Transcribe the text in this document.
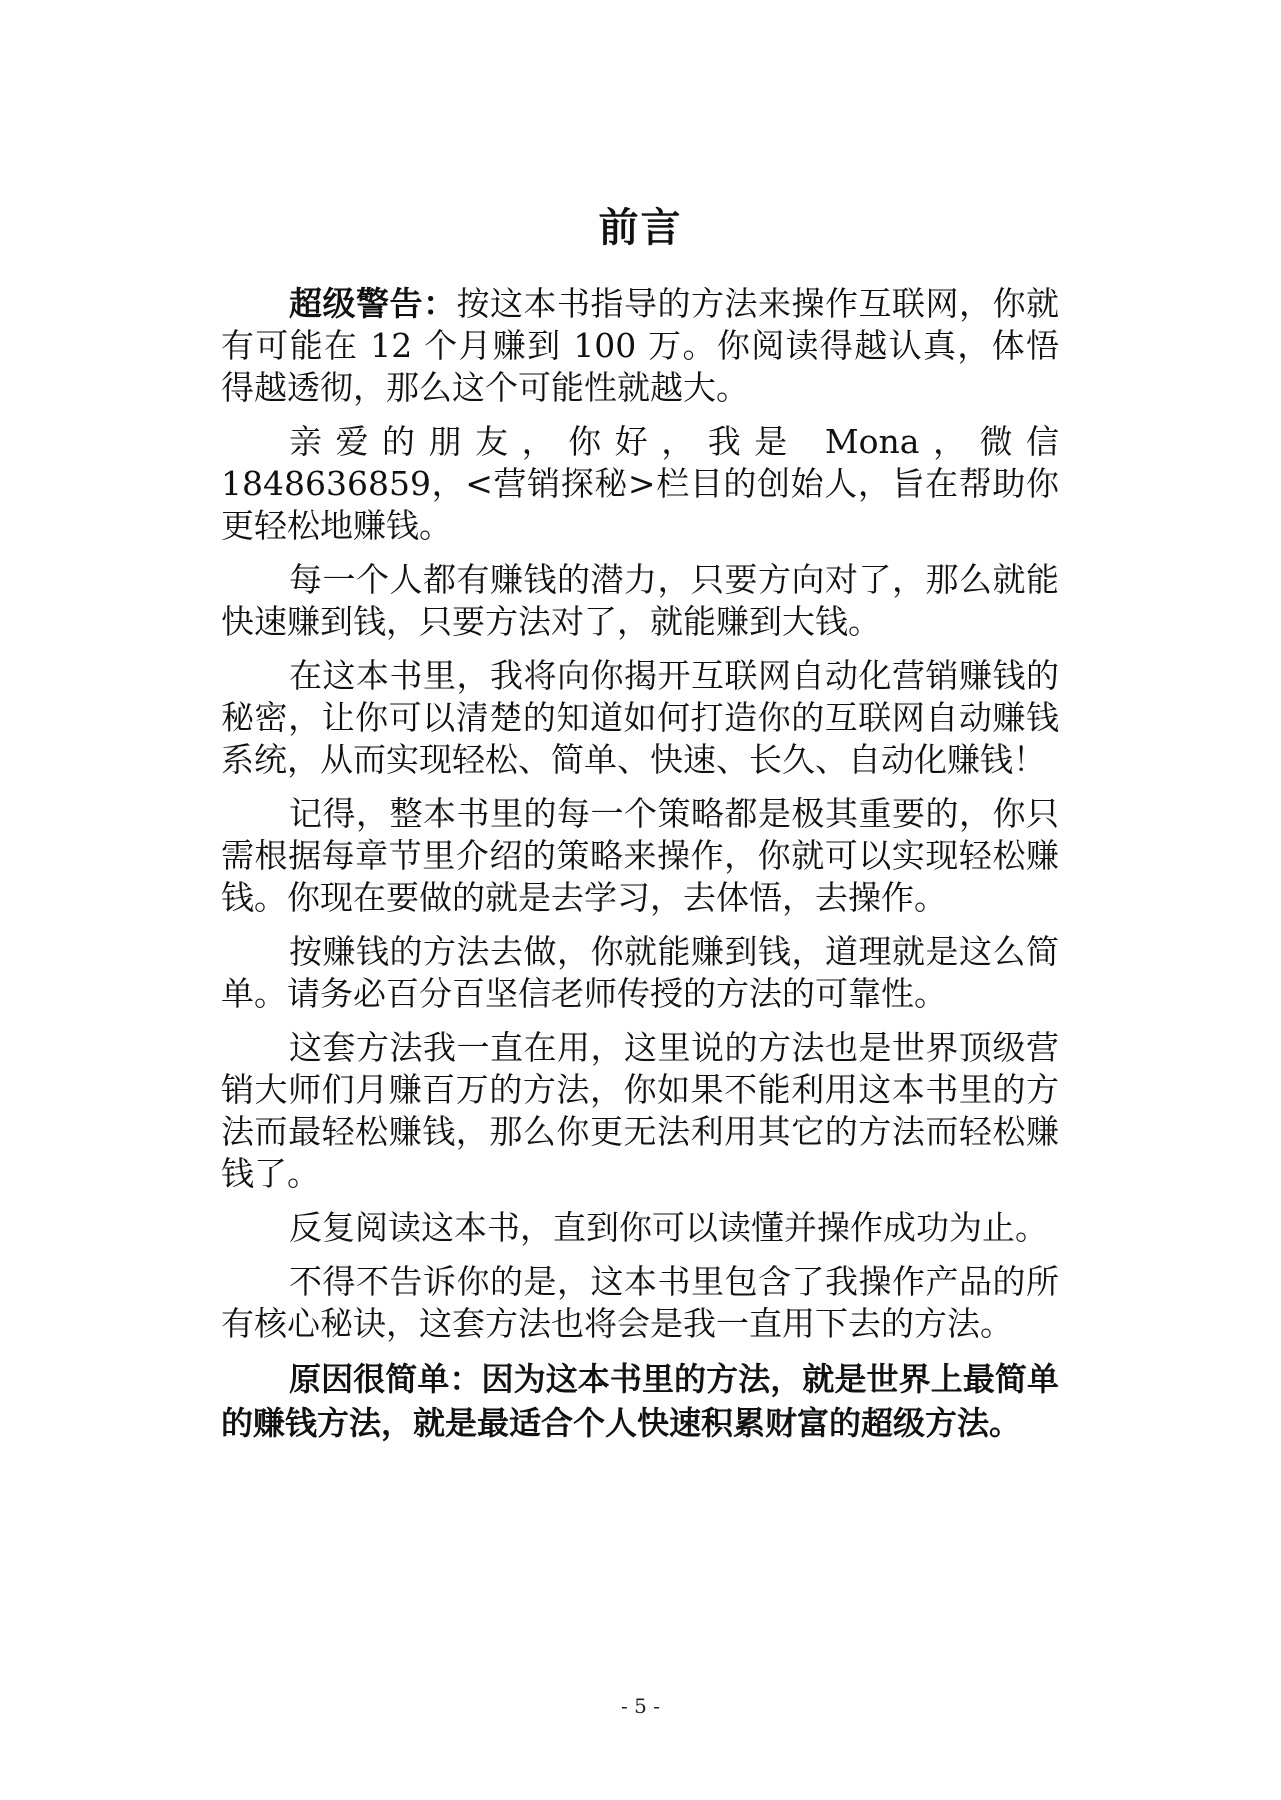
前言

超级警告：按这本书指导的方法来操作互联网，你就有可能在 12 个月赚到 100 万。你阅读得越认真，体悟得越透彻，那么这个可能性就越大。

亲爱的朋友，你好，我是 Mona，微信 1848636859，<营销探秘>栏目的创始人，旨在帮助你更轻松地赚钱。

每一个人都有赚钱的潜力，只要方向对了，那么就能快速赚到钱，只要方法对了，就能赚到大钱。

在这本书里，我将向你揭开互联网自动化营销赚钱的秘密，让你可以清楚的知道如何打造你的互联网自动赚钱系统，从而实现轻松、简单、快速、长久、自动化赚钱！

记得，整本书里的每一个策略都是极其重要的，你只需根据每章节里介绍的策略来操作，你就可以实现轻松赚钱。你现在要做的就是去学习，去体悟，去操作。

按赚钱的方法去做，你就能赚到钱，道理就是这么简单。请务必百分百坚信老师传授的方法的可靠性。

这套方法我一直在用，这里说的方法也是世界顶级营销大师们月赚百万的方法，你如果不能利用这本书里的方法而最轻松赚钱，那么你更无法利用其它的方法而轻松赚钱了。

反复阅读这本书，直到你可以读懂并操作成功为止。

不得不告诉你的是，这本书里包含了我操作产品的所有核心秘诀，这套方法也将会是我一直用下去的方法。

原因很简单：因为这本书里的方法，就是世界上最简单的赚钱方法，就是最适合个人快速积累财富的超级方法。

- 5 -
